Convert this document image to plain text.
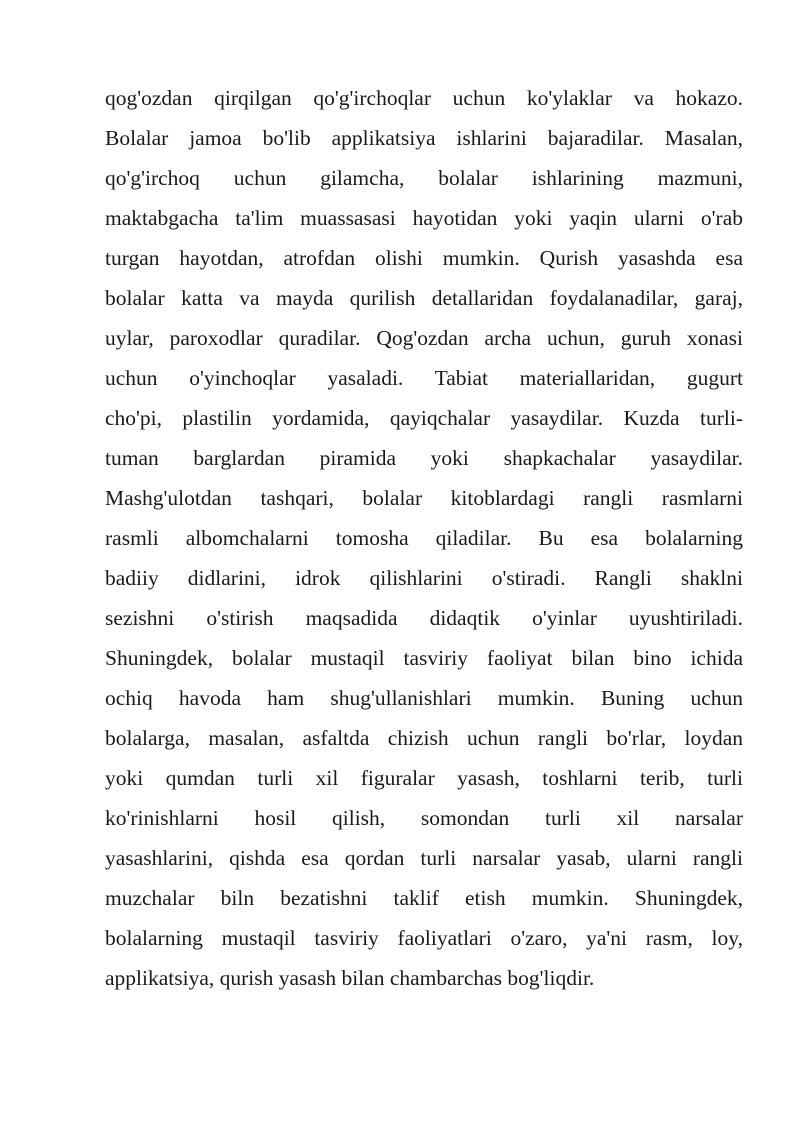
qog'ozdan qirqilgan qo'g'irchoqlar uchun ko'ylaklar va hokazo.
Bolalar jamoa bo'lib applikatsiya ishlarini bajaradilar. Masalan,
qo'g'irchoq uchun gilamcha, bolalar ishlarining mazmuni,
maktabgacha ta'lim muassasasi hayotidan yoki yaqin ularni o'rab
turgan hayotdan, atrofdan olishi mumkin. Qurish yasashda esa
bolalar katta va mayda qurilish detallaridan foydalanadilar, garaj,
uylar, paroxodlar quradilar. Qog'ozdan archa uchun, guruh xonasi
uchun o'yinchoqlar yasaladi. Tabiat materiallaridan, gugurt
cho'pi, plastilin yordamida, qayiqchalar yasaydilar. Kuzda turli-
tuman barglardan piramida yoki shapkachalar yasaydilar.
Mashg'ulotdan tashqari, bolalar kitoblardagi rangli rasmlarni
rasmli albomchalarni tomosha qiladilar. Bu esa bolalarning
badiiy didlarini, idrok qilishlarini o'stiradi. Rangli shaklni
sezishni o'stirish maqsadida didaqtik o'yinlar uyushtiriladi.
Shuningdek, bolalar mustaqil tasviriy faoliyat bilan bino ichida
ochiq havoda ham shug'ullanishlari mumkin. Buning uchun
bolalarga, masalan, asfaltda chizish uchun rangli bo'rlar, loydan
yoki qumdan turli xil figuralar yasash, toshlarni terib, turli
ko'rinishlarni hosil qilish, somondan turli xil narsalar
yasashlarini, qishda esa qordan turli narsalar yasab, ularni rangli
muzchalar biln bezatishni taklif etish mumkin. Shuningdek,
bolalarning mustaqil tasviriy faoliyatlari o'zaro, ya'ni rasm, loy,
applikatsiya, qurish yasash bilan chambarchas bog'liqdir.
